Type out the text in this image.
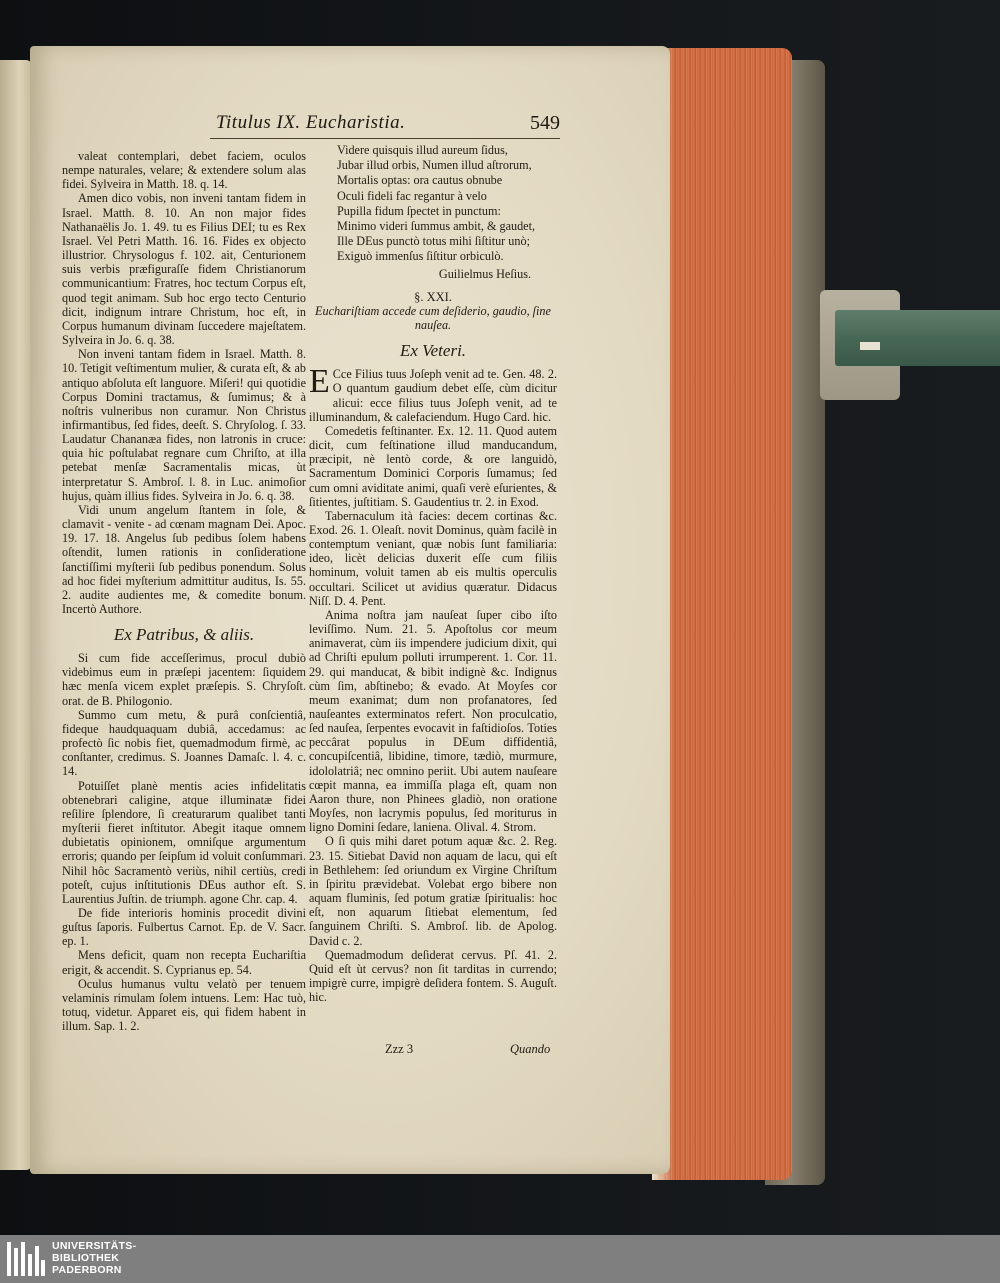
Titulus IX. Eucharistia.	549

valeat contemplari, debet faciem, oculos nempe naturales, velare; & extendere solum alas fidei. Sylveira in Matth. 18. q. 14.

Amen dico vobis, non inveni tantam fidem in Israel. Matth. 8. 10. An non major fides Nathanaëlis Jo. 1. 49. tu es Filius DEI; tu es Rex Israel. Vel Petri Matth. 16. 16. Fides ex objecto illustrior. Chrysologus f. 102. ait, Centurionem suis verbis præfiguraſſe fidem Christianorum communicantium: Fratres, hoc tectum Corpus eſt, quod tegit animam. Sub hoc ergo tecto Centurio dicit, indignum intrare Christum, hoc eſt, in Corpus humanum divinam ſuccedere majeſtatem. Sylveira in Jo. 6. q. 38.

Non inveni tantam fidem in Israel. Matth. 8. 10. Tetigit veſtimentum mulier, & curata eſt, & ab antiquo abſoluta eſt languore. Miſeri! qui quotidie Corpus Domini tractamus, & ſumimus; & à noſtris vulneribus non curamur. Non Christus infirmantibus, ſed fides, deeſt. S. Chryſolog. ſ. 33. Laudatur Chananæa fides, non latronis in cruce: quia hic poſtulabat regnare cum Chriſto, at illa petebat menſæ Sacramentalis micas, ùt interpretatur S. Ambroſ. l. 8. in Luc. animoſior hujus, quàm illius fides. Sylveira in Jo. 6. q. 38.

Vidi unum angelum ſtantem in ſole, & clamavit - venite - ad cœnam magnam Dei. Apoc. 19. 17. 18. Angelus ſub pedibus ſolem habens oſtendit, lumen rationis in conſideratione ſanctiſſimi myſterii ſub pedibus ponendum. Solus ad hoc fidei myſterium admittitur auditus, Is. 55. 2. audite audientes me, & comedite bonum. Incertò Authore.

Ex Patribus, & aliis.

Si cum fide acceſſerimus, procul dubiò videbimus eum in præſepi jacentem: ſiquidem hæc menſa vicem explet præſepis. S. Chryſoſt. orat. de B. Philogonio.

Summo cum metu, & purâ conſcientiâ, fideque haudquaquam dubiâ, accedamus: ac profectò ſic nobis fiet, quemadmodum firmè, ac conſtanter, credimus. S. Joannes Damaſc. l. 4. c. 14.

Potuiſſet planè mentis acies infidelitatis obtenebrari caligine, atque illuminatæ fidei reſilire ſplendore, ſi creaturarum qualibet tanti myſterii fieret inſtitutor. Abegit itaque omnem dubietatis opinionem, omniſque argumentum erroris; quando per ſeipſum id voluit conſummari. Nihil hôc Sacramentò veriùs, nihil certiùs, credi poteſt, cujus inſtitutionis DEus author eſt. S. Laurentius Juſtin. de triumph. agone Chr. cap. 4.

De fide interioris hominis procedit divini guſtus ſaporis. Fulbertus Carnot. Ep. de V. Sacr. ep. 1.

Mens deficit, quam non recepta Euchariſtia erigit, & accendit. S. Cyprianus ep. 54.

Oculus humanus vultu velatò per tenuem velaminis rimulam ſolem intuens. Lem: Hac tuò, totuq, videtur. Apparet eis, qui fidem habent in illum. Sap. 1. 2.

Videre quisquis illud aureum ſidus,

Jubar illud orbis, Numen illud aſtrorum,

Mortalis optas: ora cautus obnube

Oculi fideli fac regantur à velo

Pupilla fidum ſpectet in punctum:

Minimo videri ſummus ambit, & gaudet,

Ille DEus punctò totus mihi ſiſtitur unò;

Exiguò immenſus ſiſtitur orbiculò.

Guilielmus Heſius.

§. XXI.

Euchariſtiam accede cum deſiderio, gaudio, ſine nauſea.

Ex Veteri.

E Cce Filius tuus Joſeph venit ad te. Gen. 48. 2. O quantum gaudium debet eſſe, cùm dicitur alicui: ecce filius tuus Joſeph venit, ad te illuminandum, & calefaciendum. Hugo Card. hic.

Comedetis feſtinanter. Ex. 12. 11. Quod autem dicit, cum feſtinatione illud manducandum, præcipit, nè lentò corde, & ore languidò, Sacramentum Dominici Corporis ſumamus; ſed cum omni aviditate animi, quaſi verè eſurientes, & ſitientes, juſtitiam. S. Gaudentius tr. 2. in Exod.

Tabernaculum ità facies: decem cortinas &c. Exod. 26. 1. Oleaſt. novit Dominus, quàm facilè in contemptum veniant, quæ nobis ſunt familiaria: ideo, licèt delicias duxerit eſſe cum filiis hominum, voluit tamen ab eis multis operculis occultari. Scilicet ut avidius quæratur. Didacus Niſſ. D. 4. Pent.

Anima noſtra jam nauſeat ſuper cibo iſto leviſſimo. Num. 21. 5. Apoſtolus cor meum animaverat, cùm iis impendere judicium dixit, qui ad Chriſti epulum polluti irrumperent. 1. Cor. 11. 29. qui manducat, & bibit indignè &c. Indignus cùm ſim, abſtinebo; & evado. At Moyſes cor meum exanimat; dum non profanatores, ſed nauſeantes exterminatos refert. Non proculcatio, ſed nauſea, ſerpentes evocavit in faſtidioſos. Toties peccârat populus in DEum diffidentiâ, concupiſcentiâ, libidine, timore, tædiò, murmure, idololatriâ; nec omnino periit. Ubi autem nauſeare cœpit manna, ea immiſſa plaga eſt, quam non Aaron thure, non Phinees gladiò, non oratione Moyſes, non lacrymis populus, ſed moriturus in ligno Domini ſedare, laniena. Olival. 4. Strom.

O ſi quis mihi daret potum aquæ &c. 2. Reg. 23. 15. Sitiebat David non aquam de lacu, qui eſt in Bethlehem: ſed oriundum ex Virgine Chriſtum in ſpiritu prævidebat. Volebat ergo bibere non aquam fluminis, ſed potum gratiæ ſpiritualis: hoc eſt, non aquarum ſitiebat elementum, ſed ſanguinem Chriſti. S. Ambroſ. lib. de Apolog. David c. 2.

Quemadmodum deſiderat cervus. Pſ. 41. 2. Quid eſt ùt cervus? non ſit tarditas in currendo; impigrè curre, impigrè deſidera fontem. S. Auguſt. hic.

Zzz 3	Quando
UNIVERSITÄTS-
BIBLIOTHEK
PADERBORN
